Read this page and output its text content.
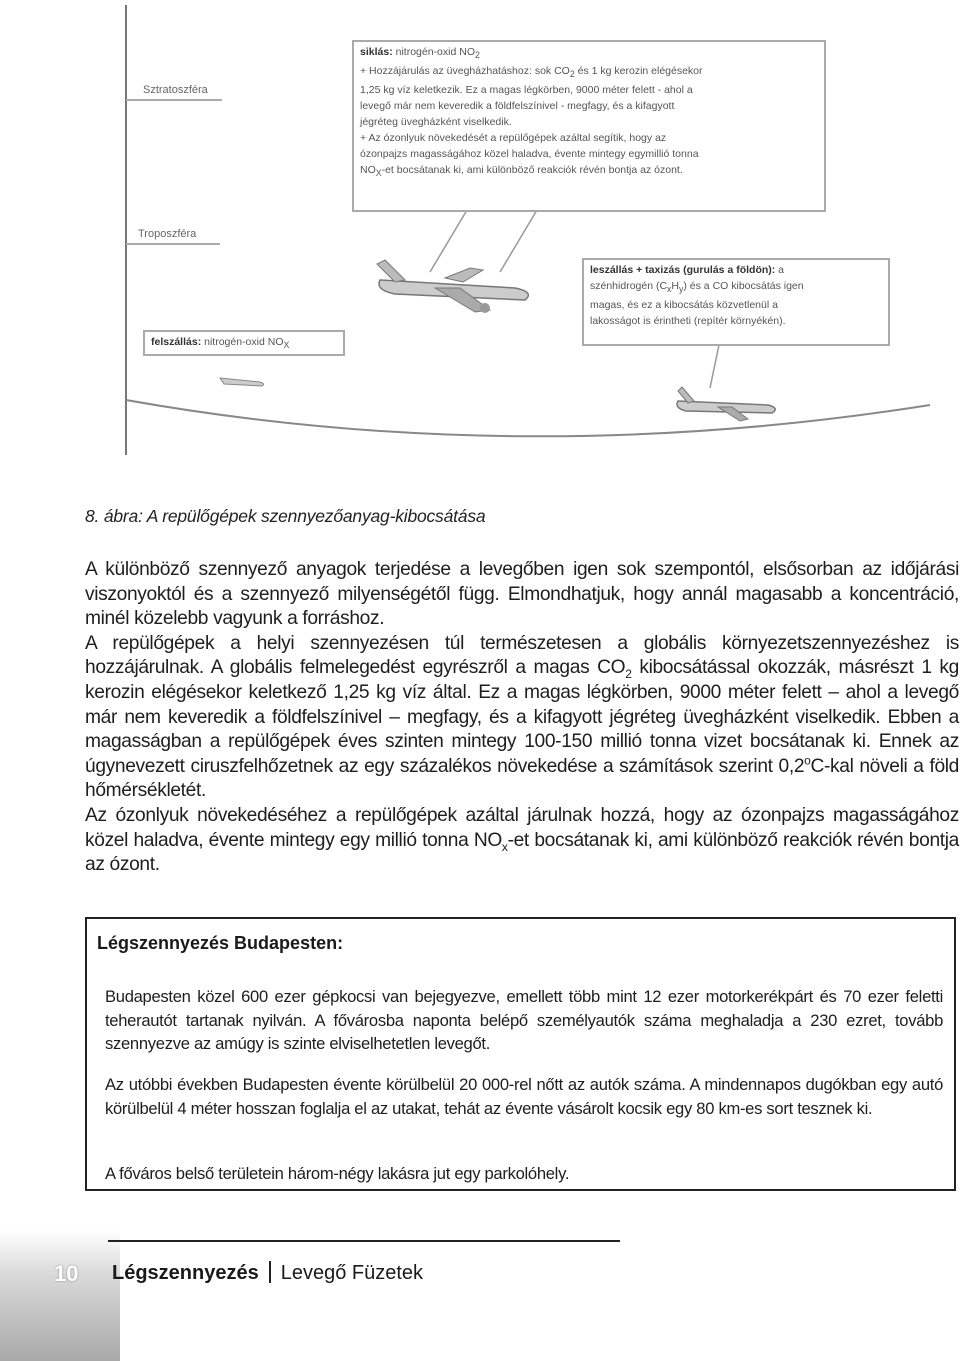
Sztratoszféra
Troposzféra

siklás: nitrogén-oxid $NO_2$

+ Hozzájárulás az üvegházhatáshoz: sok $CO_2$ és 1 kg kerozin elégésekor

1,25 kg víz keletkezik. Ez a magas légkörben, 9000 méter felett - ahol a

levegő már nem keveredik a földfelszínivel - megfagy, és a kifagyott

jégréteg üvegházként viselkedik.

+ Az ózonlyuk növekedését a repülőgépek azáltal segítik, hogy az

ózonpajzs magasságához közel haladva, évente mintegy egymillió tonna

$NO_X-et$ bocsátanak ki, ami különböző reakciók révén bontja az ózont.

felszállás: nitrogén-oxid $NO_X$

leszállás + taxizás (gurulás a földön): a

szénhidrogén $(C_xH_y)$ és a CO kibocsátás igen

magas, és ez a kibocsátás közvetlenül a

lakosságot is érintheti (repítér környékén).

8. ábra: A repülőgépek szennyezőanyag-kibocsátása

A különböző szennyező anyagok terjedése a levegőben igen sok szempontól, elsősorban az időjárási viszonyoktól és a szennyező milyenségétől függ. Elmondhatjuk, hogy annál magasabb a koncentráció, minél közelebb vagyunk a forráshoz.

A repülőgépek a helyi szennyezésen túl természetesen a globális környezetszennyezéshez is hozzájárulnak. A globális felmelegedést egyrészről a magas $CO_2$ kibocsátással okozzák, másrészt 1 kg kerozin elégésekor keletkező 1,25 kg víz által. Ez a magas légkörben, 9000 méter felett – ahol a levegő már nem keveredik a földfelszínivel – megfagy, és a kifagyott jégréteg üvegházként viselkedik. Ebben a magasságban a repülőgépek éves szinten mintegy 100-150 millió tonna vizet bocsátanak ki. Ennek az úgynevezett ciruszfelhőzetnek az egy százalékos növekedése a számítások szerint 0,2$^o$C-kal növeli a föld hőmérsékletét.

Az ózonlyuk növekedéséhez a repülőgépek azáltal járulnak hozzá, hogy az ózonpajzs magasságához közel haladva, évente mintegy egy millió tonna $NO_x-et$ bocsátanak ki, ami különböző reakciók révén bontja az ózont.

Légszennyezés Budapesten:

Budapesten közel 600 ezer gépkocsi van bejegyezve, emellett több mint 12 ezer motorkerékpárt és 70 ezer feletti teherautót tartanak nyilván. A fővárosba naponta belépő személyautók száma meghaladja a 230 ezret, tovább szennyezve az amúgy is szinte elviselhetetlen levegőt.

Az utóbbi években Budapesten évente körülbelül 20 000-rel nőtt az autók száma. A mindennapos dugókban egy autó körülbelül 4 méter hosszan foglalja el az utakat, tehát az évente vásárolt kocsik egy 80 km-es sort tesznek ki.

A főváros belső területein három-négy lakásra jut egy parkolóhely.

10 Légszennyezés Levegő Füzetek
